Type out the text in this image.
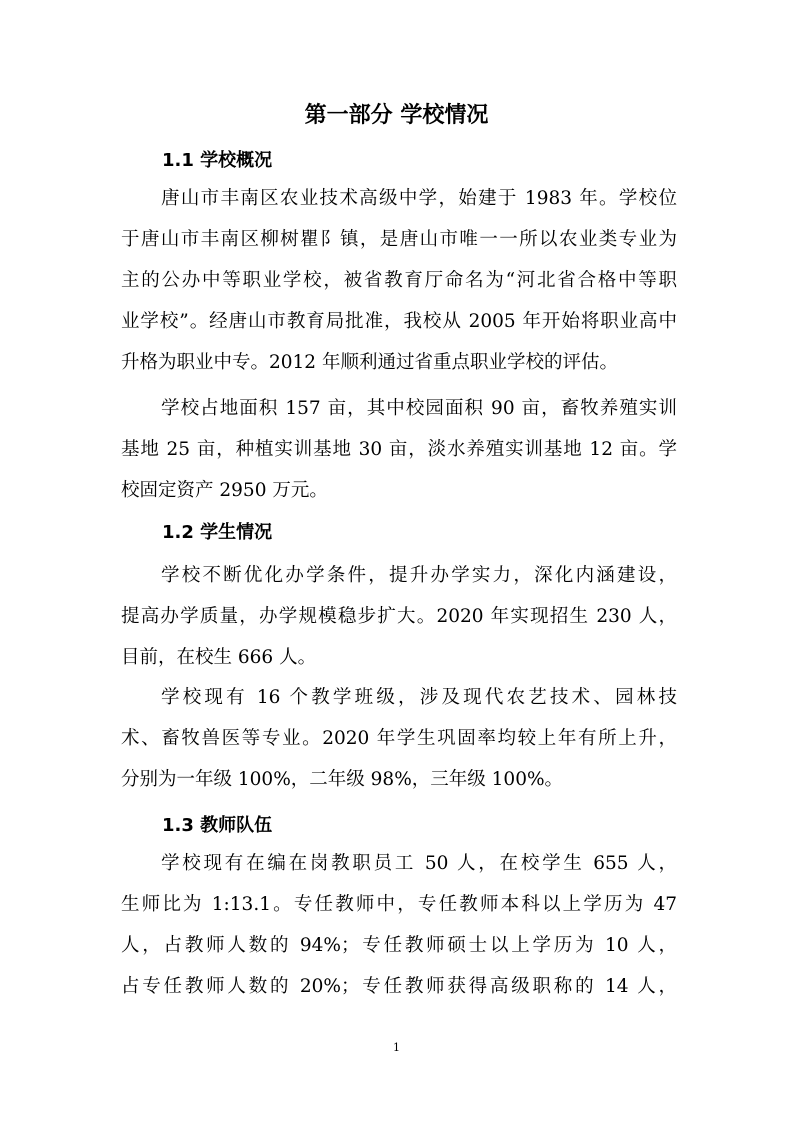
第一部分 学校情况
1.1 学校概况
唐山市丰南区农业技术高级中学，始建于 1983 年。学校位
于唐山市丰南区柳树瞿阝镇，是唐山市唯一一所以农业类专业为
主的公办中等职业学校，被省教育厅命名为“河北省合格中等职
业学校”。经唐山市教育局批准，我校从 2005 年开始将职业高中
升格为职业中专。2012 年顺利通过省重点职业学校的评估。
学校占地面积 157 亩，其中校园面积 90 亩，畜牧养殖实训
基地 25 亩，种植实训基地 30 亩，淡水养殖实训基地 12 亩。学
校固定资产 2950 万元。
1.2 学生情况
学校不断优化办学条件，提升办学实力，深化内涵建设，
提高办学质量，办学规模稳步扩大。2020 年实现招生 230 人，
目前，在校生 666 人。
学校现有 16 个教学班级，涉及现代农艺技术、园林技
术、畜牧兽医等专业。2020 年学生巩固率均较上年有所上升，
分别为一年级 100%，二年级 98%，三年级 100%。
1.3 教师队伍
学校现有在编在岗教职员工 50 人，在校学生 655 人，
生师比为 1:13.1。专任教师中，专任教师本科以上学历为 47
人，占教师人数的 94%；专任教师硕士以上学历为 10 人，
占专任教师人数的 20%；专任教师获得高级职称的 14 人，
1
